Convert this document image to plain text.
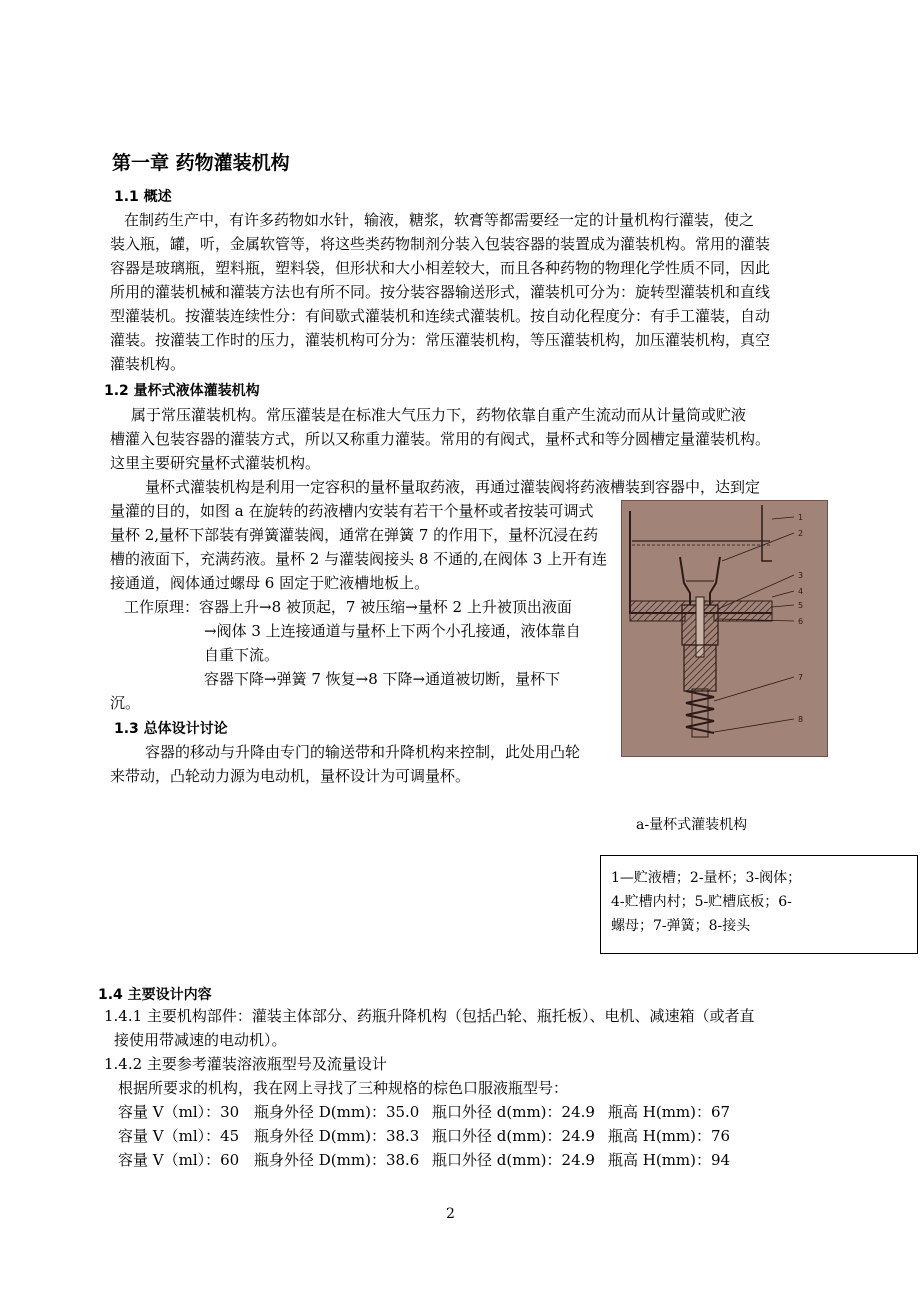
第一章 药物灌装机构
1.1 概述
在制药生产中，有许多药物如水针，输液，糖浆，软膏等都需要经一定的计量机构行灌装，使之
装入瓶，罐，听，金属软管等，将这些类药物制剂分装入包装容器的装置成为灌装机构。常用的灌装
容器是玻璃瓶，塑料瓶，塑料袋，但形状和大小相差较大，而且各种药物的物理化学性质不同，因此
所用的灌装机械和灌装方法也有所不同。按分装容器输送形式，灌装机可分为：旋转型灌装机和直线
型灌装机。按灌装连续性分：有间歇式灌装机和连续式灌装机。按自动化程度分：有手工灌装，自动
灌装。按灌装工作时的压力，灌装机构可分为：常压灌装机构，等压灌装机构，加压灌装机构，真空
灌装机构。
1.2 量杯式液体灌装机构
属于常压灌装机构。常压灌装是在标准大气压力下，药物依靠自重产生流动而从计量筒或贮液
槽灌入包装容器的灌装方式，所以又称重力灌装。常用的有阀式，量杯式和等分圆槽定量灌装机构。
这里主要研究量杯式灌装机构。
量杯式灌装机构是利用一定容积的量杯量取药液，再通过灌装阀将药液槽装到容器中，达到定
量灌的目的，如图 a 在旋转的药液槽内安装有若干个量杯或者按装可调式
量杯 2,量杯下部装有弹簧灌装阀，通常在弹簧 7 的作用下，量杯沉浸在药
槽的液面下，充满药液。量杯 2 与灌装阀接头 8 不通的,在阀体 3 上开有连
接通道，阀体通过螺母 6 固定于贮液槽地板上。
工作原理：容器上升→8 被顶起，7 被压缩→量杯 2 上升被顶出液面
→阀体 3 上连接通道与量杯上下两个小孔接通，液体靠自
自重下流。
容器下降→弹簧 7 恢复→8 下降→通道被切断，量杯下
沉。
1.3 总体设计讨论
容器的移动与升降由专门的输送带和升降机构来控制，此处用凸轮
来带动，凸轮动力源为电动机，量杯设计为可调量杯。
1
2
3
4
5
6
7
8
a-量杯式灌装机构
1—贮液槽；2-量杯；3-阀体；
4-贮槽内村；5-贮槽底板；6-
螺母；7-弹簧；8-接头
1.4 主要设计内容
1.4.1 主要机构部件：灌装主体部分、药瓶升降机构（包括凸轮、瓶托板）、电机、减速箱（或者直
接使用带减速的电动机）。
1.4.2 主要参考灌装溶液瓶型号及流量设计
根据所要求的机构，我在网上寻找了三种规格的棕色口服液瓶型号：
容量 V（ml）：30 瓶身外径 D(mm)：35.0 瓶口外径 d(mm)：24.9 瓶高 H(mm)：67
容量 V（ml）：45 瓶身外径 D(mm)：38.3 瓶口外径 d(mm)：24.9 瓶高 H(mm)：76
容量 V（ml）：60 瓶身外径 D(mm)：38.6 瓶口外径 d(mm)：24.9 瓶高 H(mm)：94
2
